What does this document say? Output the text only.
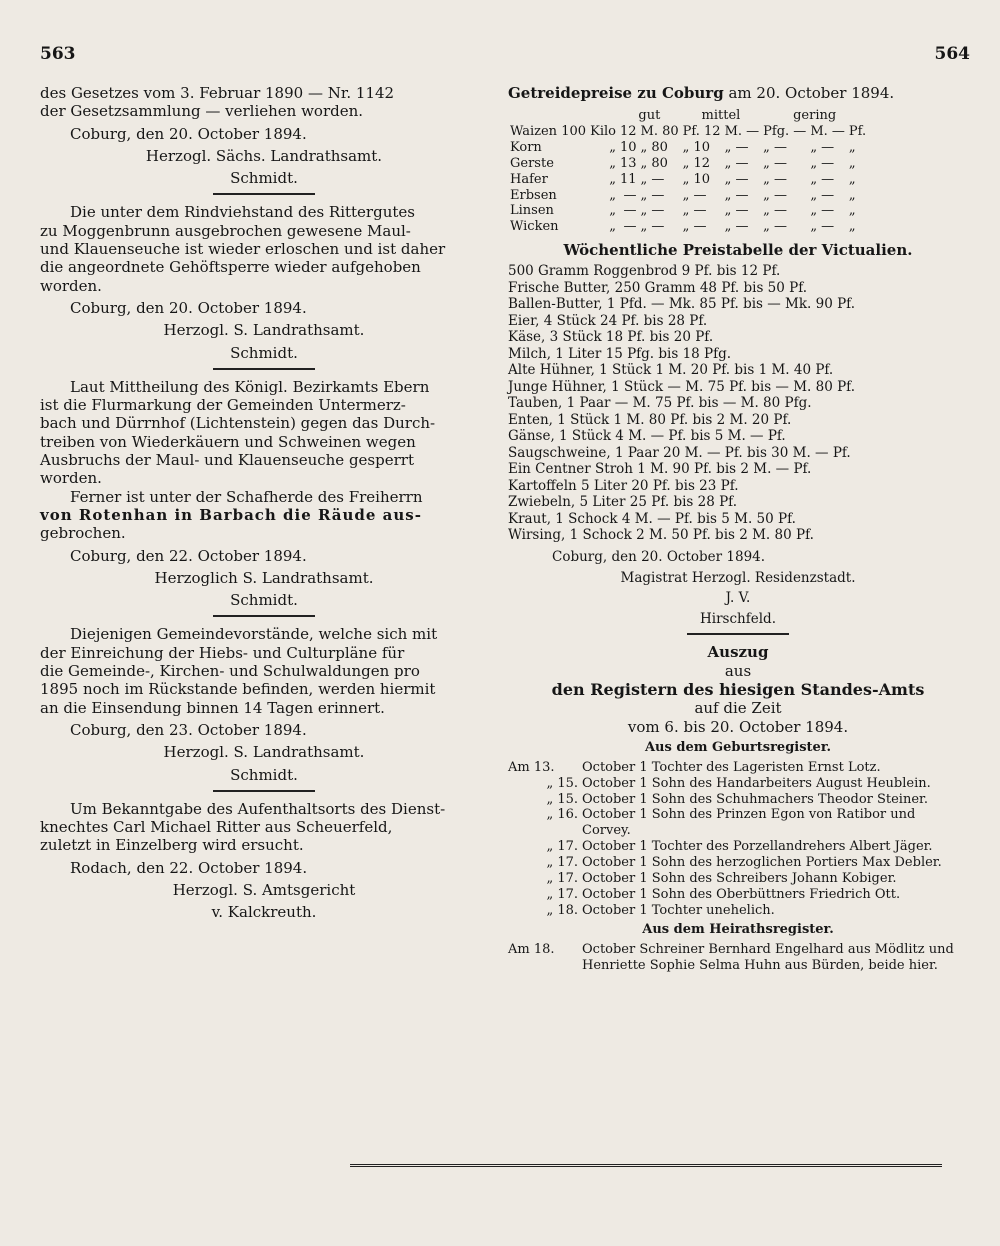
563	564

des Gesetzes vom 3. Februar 1890 — Nr. 1142

der Gesetzsammlung — verliehen worden.

Coburg, den 20. October 1894.

Herzogl. Sächs. Landrathsamt.

Schmidt.

Die unter dem Rindviehstand des Rittergutes

zu Moggenbrunn ausgebrochen gewesene Maul-

und Klauenseuche ist wieder erloschen und ist daher

die angeordnete Gehöftsperre wieder aufgehoben

worden.

Coburg, den 20. October 1894.

Herzogl. S. Landrathsamt.

Schmidt.

Laut Mittheilung des Königl. Bezirkamts Ebern

ist die Flurmarkung der Gemeinden Untermerz-

bach und Dürrnhof (Lichtenstein) gegen das Durch-

treiben von Wiederkäuern und Schweinen wegen

Ausbruchs der Maul- und Klauenseuche gesperrt

worden.

Ferner ist unter der Schafherde des Freiherrn

von Rotenhan in Barbach die Räude aus-

gebrochen.

Coburg, den 22. October 1894.

Herzoglich S. Landrathsamt.

Schmidt.

Diejenigen Gemeindevorstände, welche sich mit

der Einreichung der Hiebs- und Culturpläne für

die Gemeinde-, Kirchen- und Schulwaldungen pro

1895 noch im Rückstande befinden, werden hiermit

an die Einsendung binnen 14 Tagen erinnert.

Coburg, den 23. October 1894.

Herzogl. S. Landrathsamt.

Schmidt.

Um Bekanntgabe des Aufenthaltsorts des Dienst-

knechtes Carl Michael Ritter aus Scheuerfeld,

zuletzt in Einzelberg wird ersucht.

Rodach, den 22. October 1894.

Herzogl. S. Amtsgericht

v. Kalckreuth.

Getreidepreise zu Coburg am 20. October 1894.

	gut		mittel		gering		
Waizen 100 Kilo	12	M. 80	Pf. 12	M. —	Pfg. —	M. —	Pf.
Korn „	10	„ 80	„ 10	„ —	„ —	„ —	„
Gerste „	13	„ 80	„ 12	„ —	„ —	„ —	„
Hafer „	11	„ —	„ 10	„ —	„ —	„ —	„
Erbsen „	—	„ —	„ —	„ —	„ —	„ —	„
Linsen „	—	„ —	„ —	„ —	„ —	„ —	„
Wicken „	—	„ —	„ —	„ —	„ —	„ —	„

Wöchentliche Preistabelle der Victualien.

500 Gramm Roggenbrod 9 Pf. bis 12 Pf.

Frische Butter, 250 Gramm 48 Pf. bis 50 Pf.

Ballen-Butter, 1 Pfd. — Mk. 85 Pf. bis — Mk. 90 Pf.

Eier, 4 Stück 24 Pf. bis 28 Pf.

Käse, 3 Stück 18 Pf. bis 20 Pf.

Milch, 1 Liter 15 Pfg. bis 18 Pfg.

Alte Hühner, 1 Stück 1 M. 20 Pf. bis 1 M. 40 Pf.

Junge Hühner, 1 Stück — M. 75 Pf. bis — M. 80 Pf.

Tauben, 1 Paar — M. 75 Pf. bis — M. 80 Pfg.

Enten, 1 Stück 1 M. 80 Pf. bis 2 M. 20 Pf.

Gänse, 1 Stück 4 M. — Pf. bis 5 M. — Pf.

Saugschweine, 1 Paar 20 M. — Pf. bis 30 M. — Pf.

Ein Centner Stroh 1 M. 90 Pf. bis 2 M. — Pf.

Kartoffeln 5 Liter 20 Pf. bis 23 Pf.

Zwiebeln, 5 Liter 25 Pf. bis 28 Pf.

Kraut, 1 Schock 4 M. — Pf. bis 5 M. 50 Pf.

Wirsing, 1 Schock 2 M. 50 Pf. bis 2 M. 80 Pf.

Coburg, den 20. October 1894.

Magistrat Herzogl. Residenzstadt.

J. V.

Hirschfeld.

Auszug

aus

den Registern des hiesigen Standes-Amts

auf die Zeit

vom 6. bis 20. October 1894.

Aus dem Geburtsregister.

Am 13.	October 1 Tochter des Lageristen Ernst Lotz.
„ 15. October 1 Sohn des Handarbeiters August Heublein.
„ 15. October 1 Sohn des Schuhmachers Theodor Steiner.
„ 16. October 1 Sohn des Prinzen Egon von Ratibor und Corvey.
„ 17. October 1 Tochter des Porzellandrehers Albert Jäger.
„ 17. October 1 Sohn des herzoglichen Portiers Max Debler.
„ 17. October 1 Sohn des Schreibers Johann Kobiger.
„ 17. October 1 Sohn des Oberbüttners Friedrich Ott.
„ 18. October 1 Tochter unehelich.

Aus dem Heirathsregister.

Am 18.	October Schreiner Bernhard Engelhard aus Mödlitz und Henriette Sophie Selma Huhn aus Bürden, beide hier.
